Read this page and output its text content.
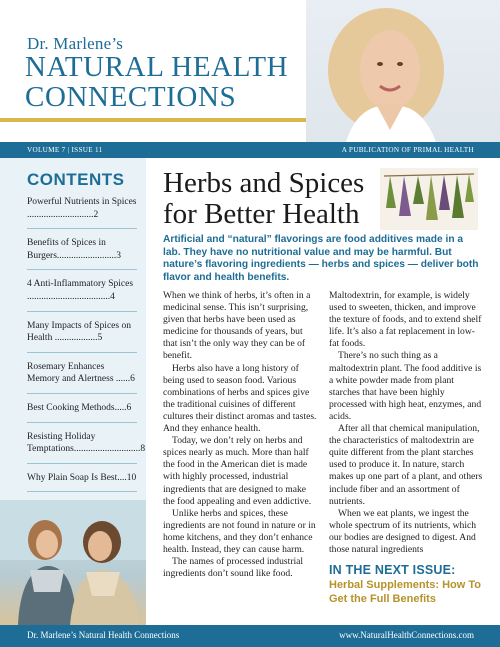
Dr. Marlene’s
NATURAL HEALTH
CONNECTIONS
VOLUME 7 | ISSUE 11	A PUBLICATION OF PRIMAL HEALTH
CONTENTS
Powerful Nutrients in Spices ............................2
Benefits of Spices in Burgers.........................3
4 Anti-Inflammatory Spices ...................................4
Many Impacts of Spices on Health ..................5
Rosemary Enhances Memory and Alertness ......6
Best Cooking Methods.....6
Resisting Holiday Temptations............................8
Why Plain Soap Is Best....10
Herbs and Spices
for Better Health
Artificial and “natural” flavorings are food additives made in a lab. They have no nutritional value and may be harmful. But nature’s flavoring ingredients — herbs and spices — deliver both flavor and health benefits.

When we think of herbs, it’s often in a medicinal sense. This isn’t surprising, given that herbs have been used as medicine for thousands of years, but that isn’t the only way they can be of benefit.

Herbs also have a long history of being used to season food. Various combinations of herbs and spices give the traditional cuisines of different cultures their distinct aromas and tastes. And they enhance health.

Today, we don’t rely on herbs and spices nearly as much. More than half the food in the American diet is made with highly processed, industrial ingredients that are designed to make the food appealing and even addictive.

Unlike herbs and spices, these ingredients are not found in nature or in home kitchens, and they don’t enhance health. Instead, they can cause harm.

The names of processed industrial ingredients don’t sound like food.

Maltodextrin, for example, is widely used to sweeten, thicken, and improve the texture of foods, and to extend shelf life. It’s also a fat replacement in low-fat foods.

There’s no such thing as a maltodextrin plant. The food additive is a white powder made from plant starches that have been highly processed with high heat, enzymes, and acids.

After all that chemical manipulation, the characteristics of maltodextrin are quite different from the plant starches used to produce it. In nature, starch makes up one part of a plant, and others include fiber and an assortment of nutrients.

When we eat plants, we ingest the whole spectrum of its nutrients, which our bodies are designed to digest. And those natural ingredients

IN THE NEXT ISSUE:
Herbal Supplements: How To Get the Full Benefits
Dr. Marlene’s Natural Health Connections	www.NaturalHealthConnections.com
